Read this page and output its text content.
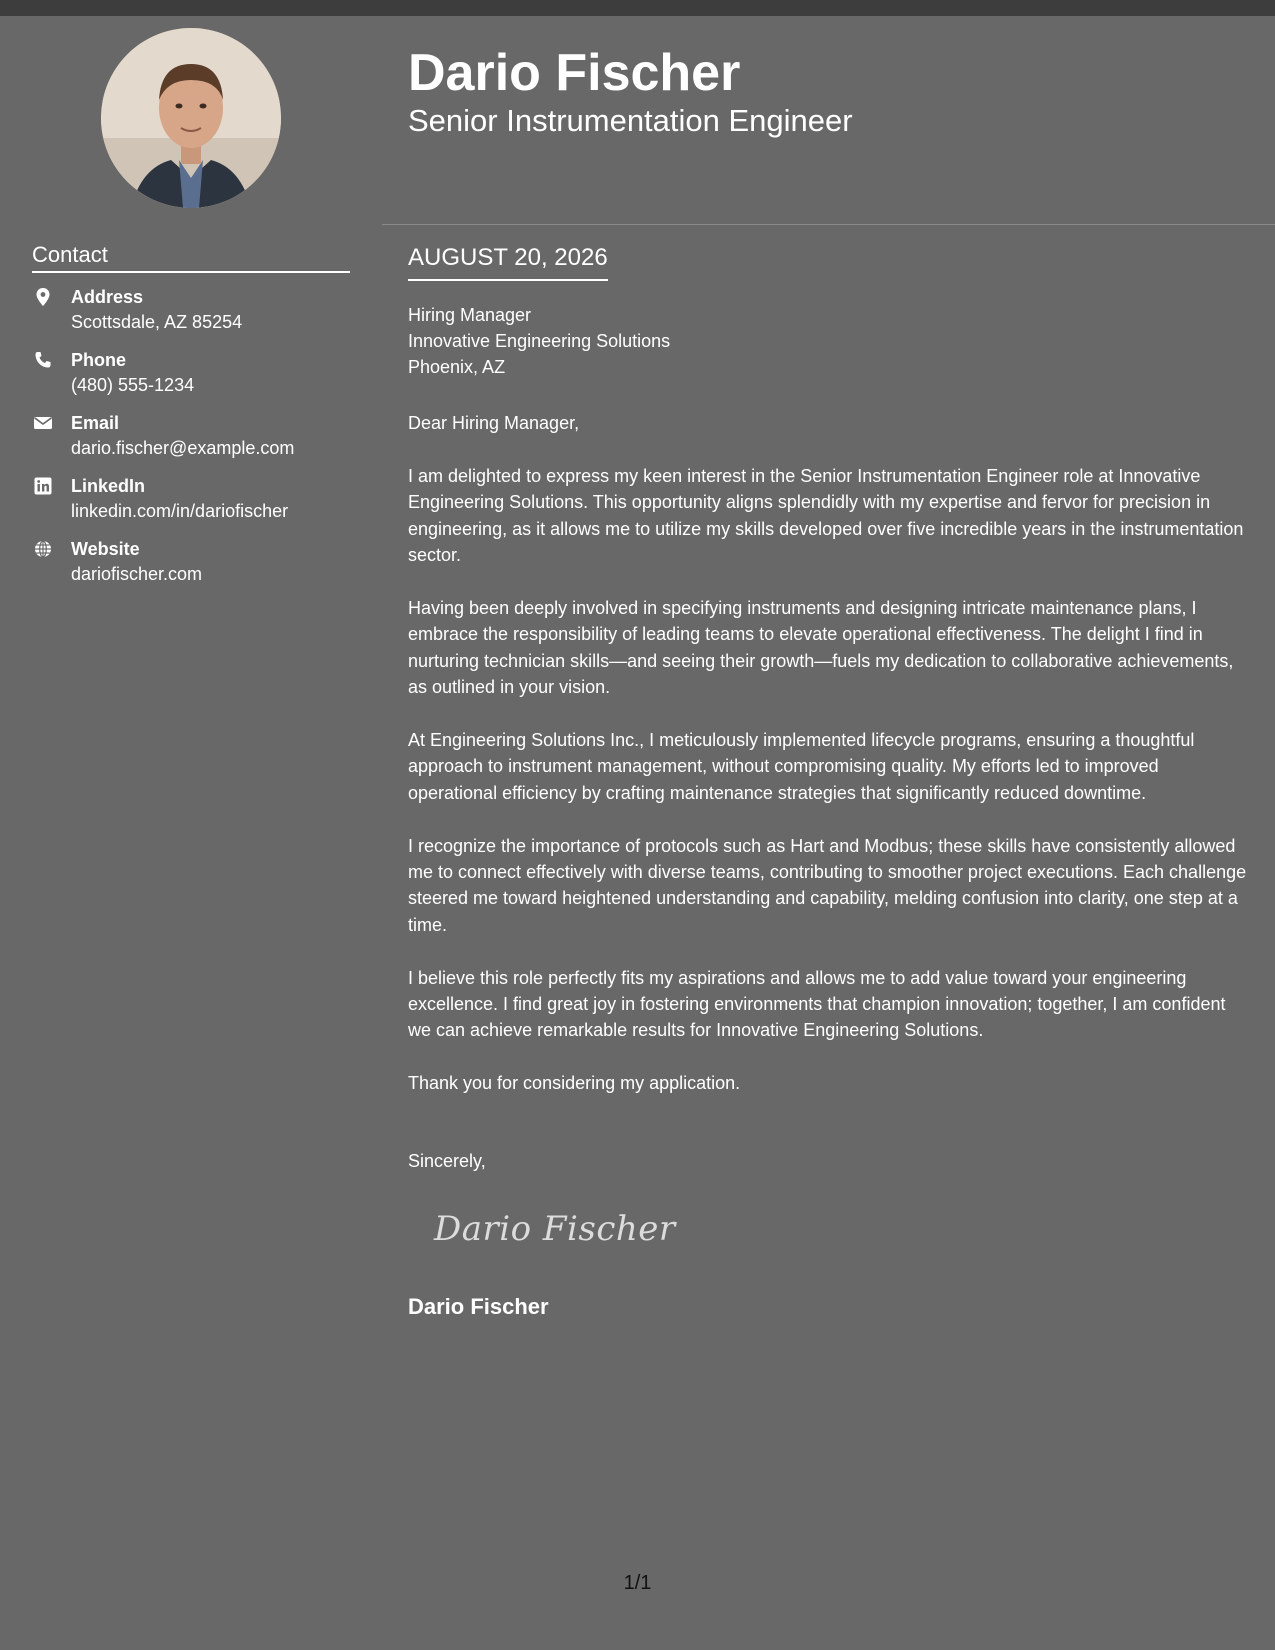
Contact
Address
Scottsdale, AZ 85254
Phone
(480) 555-1234
Email
dario.fischer@example.com
LinkedIn
linkedin.com/in/dariofischer
Website
dariofischer.com
Dario Fischer
Senior Instrumentation Engineer
AUGUST 20, 2026
Hiring Manager
Innovative Engineering Solutions
Phoenix, AZ
Dear Hiring Manager,

I am delighted to express my keen interest in the Senior Instrumentation Engineer role at Innovative Engineering Solutions. This opportunity aligns splendidly with my expertise and fervor for precision in engineering, as it allows me to utilize my skills developed over five incredible years in the instrumentation sector.

Having been deeply involved in specifying instruments and designing intricate maintenance plans, I embrace the responsibility of leading teams to elevate operational effectiveness. The delight I find in nurturing technician skills—and seeing their growth—fuels my dedication to collaborative achievements, as outlined in your vision.

At Engineering Solutions Inc., I meticulously implemented lifecycle programs, ensuring a thoughtful approach to instrument management, without compromising quality. My efforts led to improved operational efficiency by crafting maintenance strategies that significantly reduced downtime.

I recognize the importance of protocols such as Hart and Modbus; these skills have consistently allowed me to connect effectively with diverse teams, contributing to smoother project executions. Each challenge steered me toward heightened understanding and capability, melding confusion into clarity, one step at a time.

I believe this role perfectly fits my aspirations and allows me to add value toward your engineering excellence. I find great joy in fostering environments that champion innovation; together, I am confident we can achieve remarkable results for Innovative Engineering Solutions.

Thank you for considering my application.

Sincerely,
Dario Fischer
Dario Fischer
1/1
